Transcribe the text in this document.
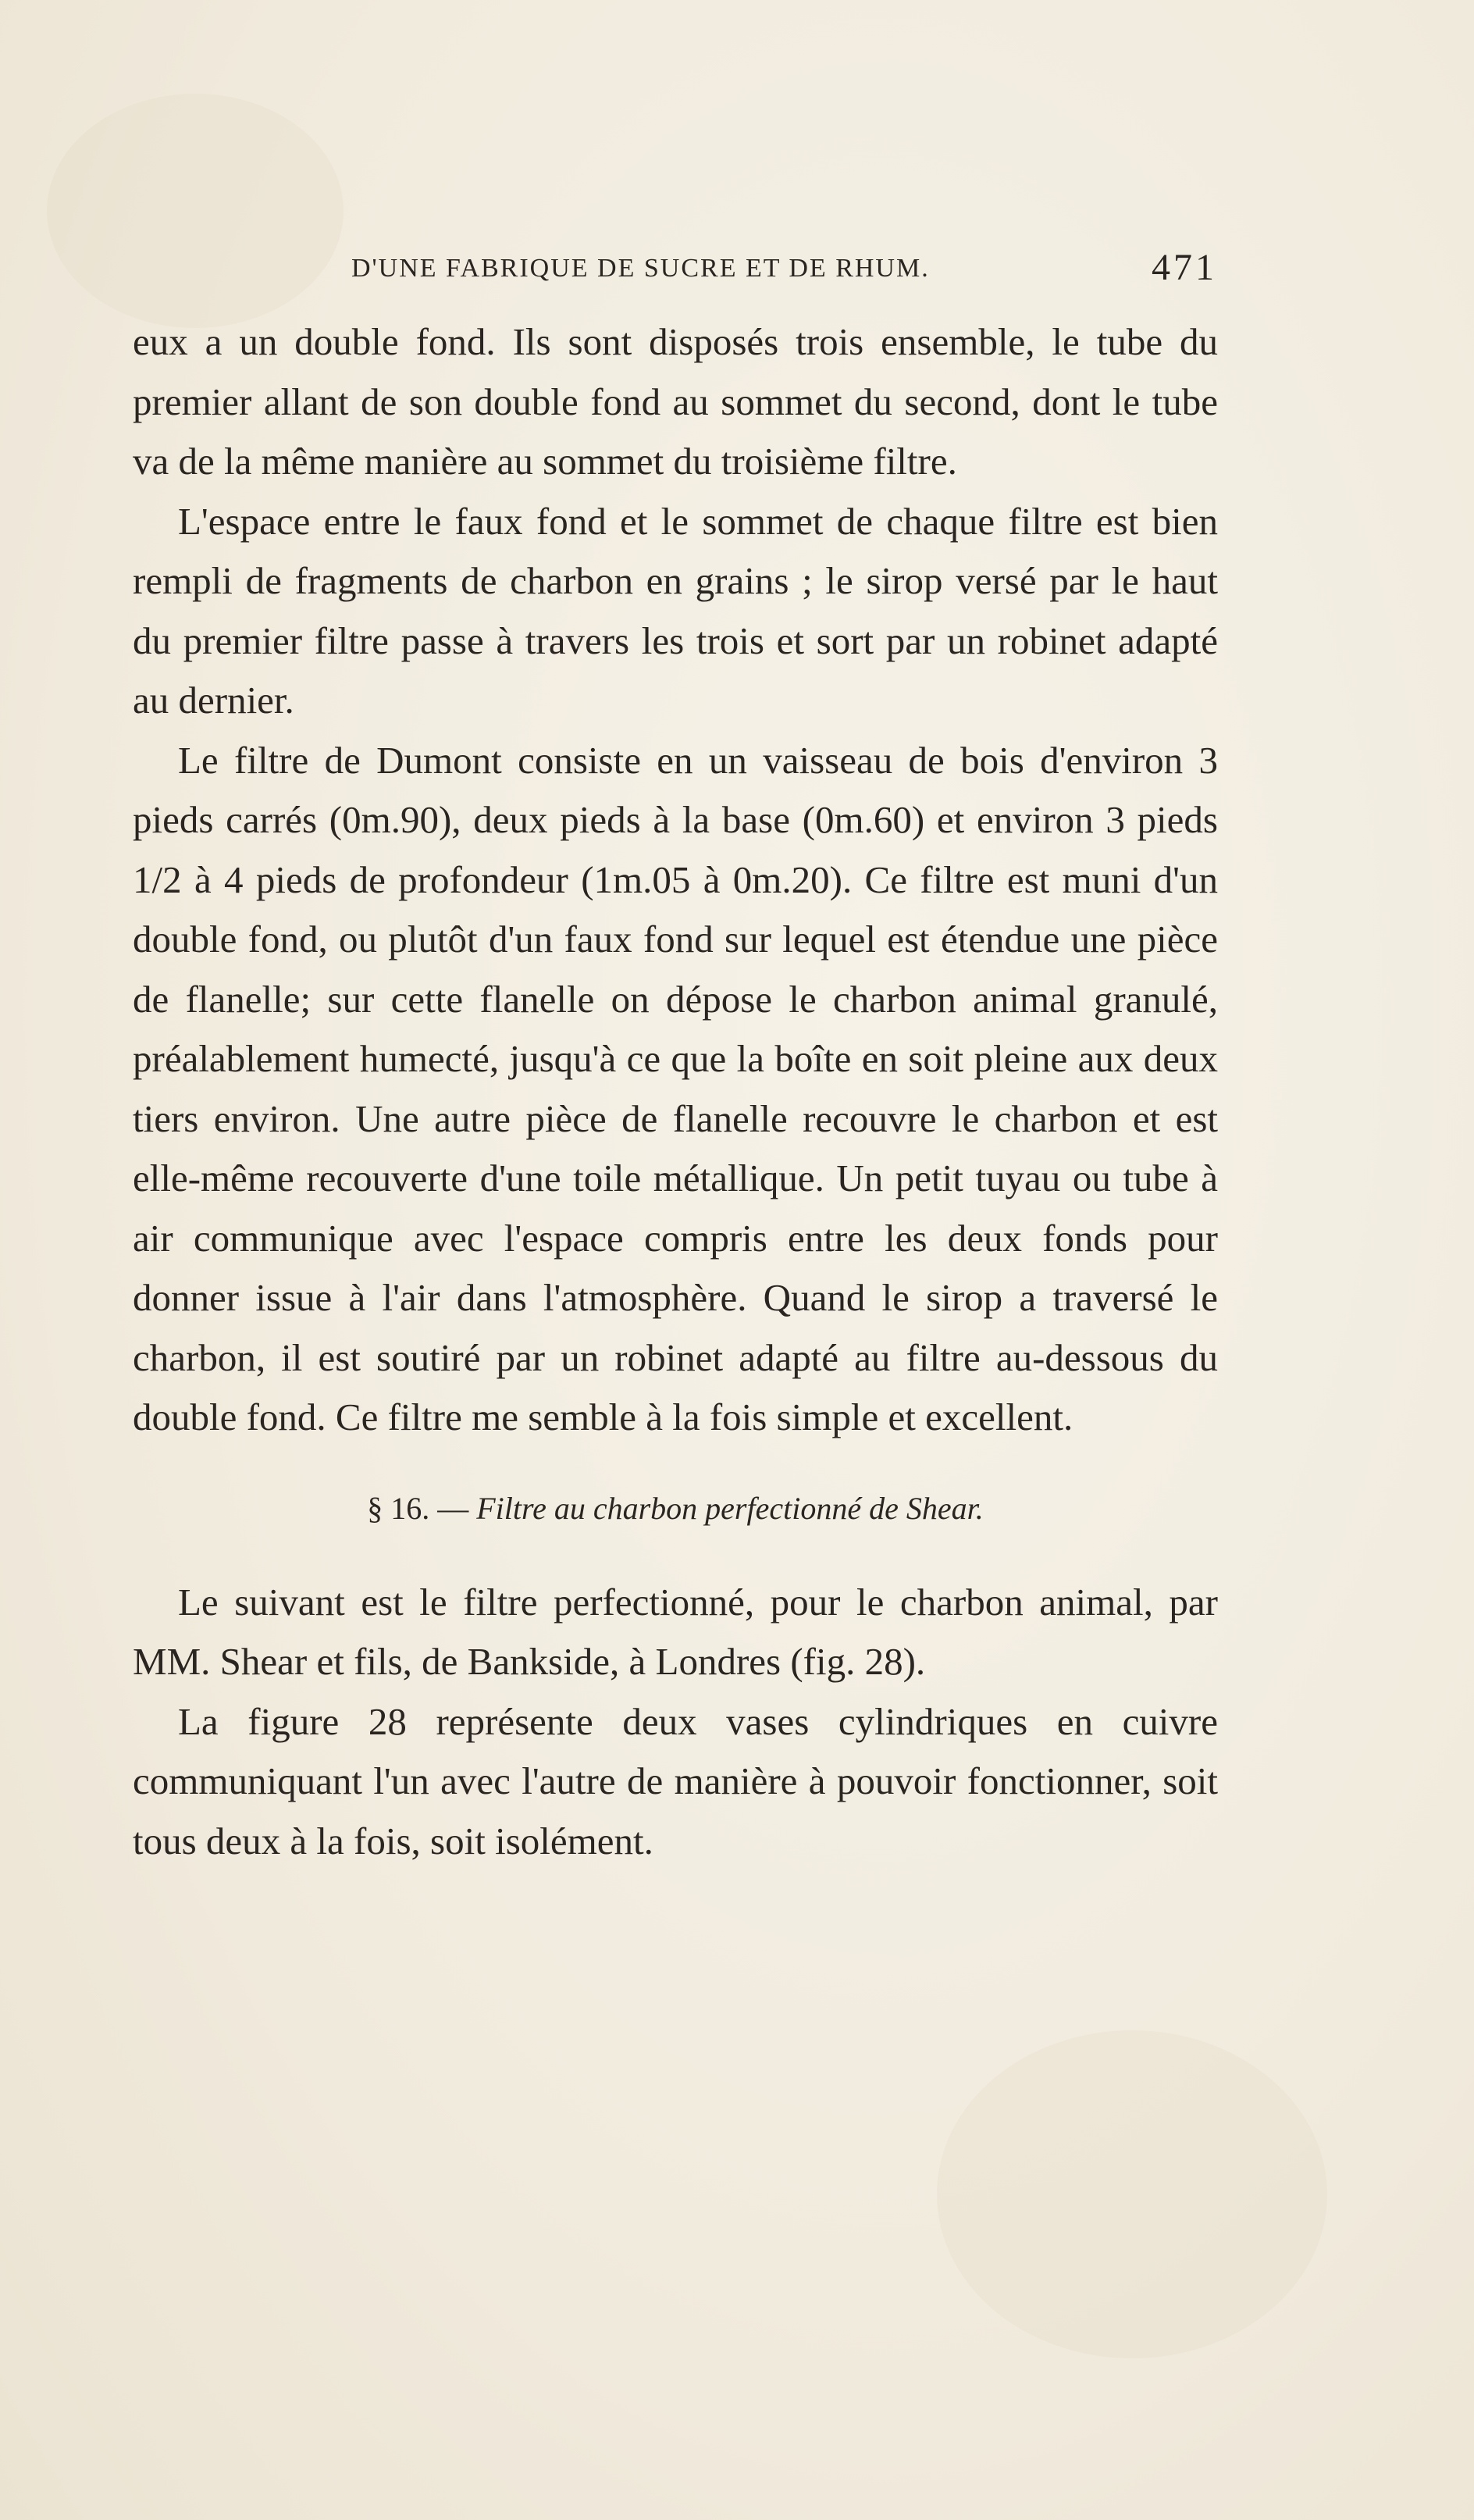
D'UNE FABRIQUE DE SUCRE ET DE RHUM.	471

eux a un double fond. Ils sont disposés trois ensemble, le tube du premier allant de son double fond au sommet du second, dont le tube va de la même manière au sommet du troisième filtre.

L'espace entre le faux fond et le sommet de chaque filtre est bien rempli de fragments de charbon en grains ; le sirop versé par le haut du premier filtre passe à travers les trois et sort par un robinet adapté au dernier.

Le filtre de Dumont consiste en un vaisseau de bois d'environ 3 pieds carrés (0m.90), deux pieds à la base (0m.60) et environ 3 pieds 1/2 à 4 pieds de profondeur (1m.05 à 0m.20). Ce filtre est muni d'un double fond, ou plutôt d'un faux fond sur lequel est étendue une pièce de flanelle; sur cette flanelle on dépose le charbon animal granulé, préalablement humecté, jusqu'à ce que la boîte en soit pleine aux deux tiers environ. Une autre pièce de flanelle recouvre le charbon et est elle-même recouverte d'une toile métallique. Un petit tuyau ou tube à air communique avec l'espace compris entre les deux fonds pour donner issue à l'air dans l'atmosphère. Quand le sirop a traversé le charbon, il est soutiré par un robinet adapté au filtre au-dessous du double fond. Ce filtre me semble à la fois simple et excellent.

§ 16. — Filtre au charbon perfectionné de Shear.

Le suivant est le filtre perfectionné, pour le charbon animal, par MM. Shear et fils, de Bankside, à Londres (fig. 28).

La figure 28 représente deux vases cylindriques en cuivre communiquant l'un avec l'autre de manière à pouvoir fonctionner, soit tous deux à la fois, soit isolément.
